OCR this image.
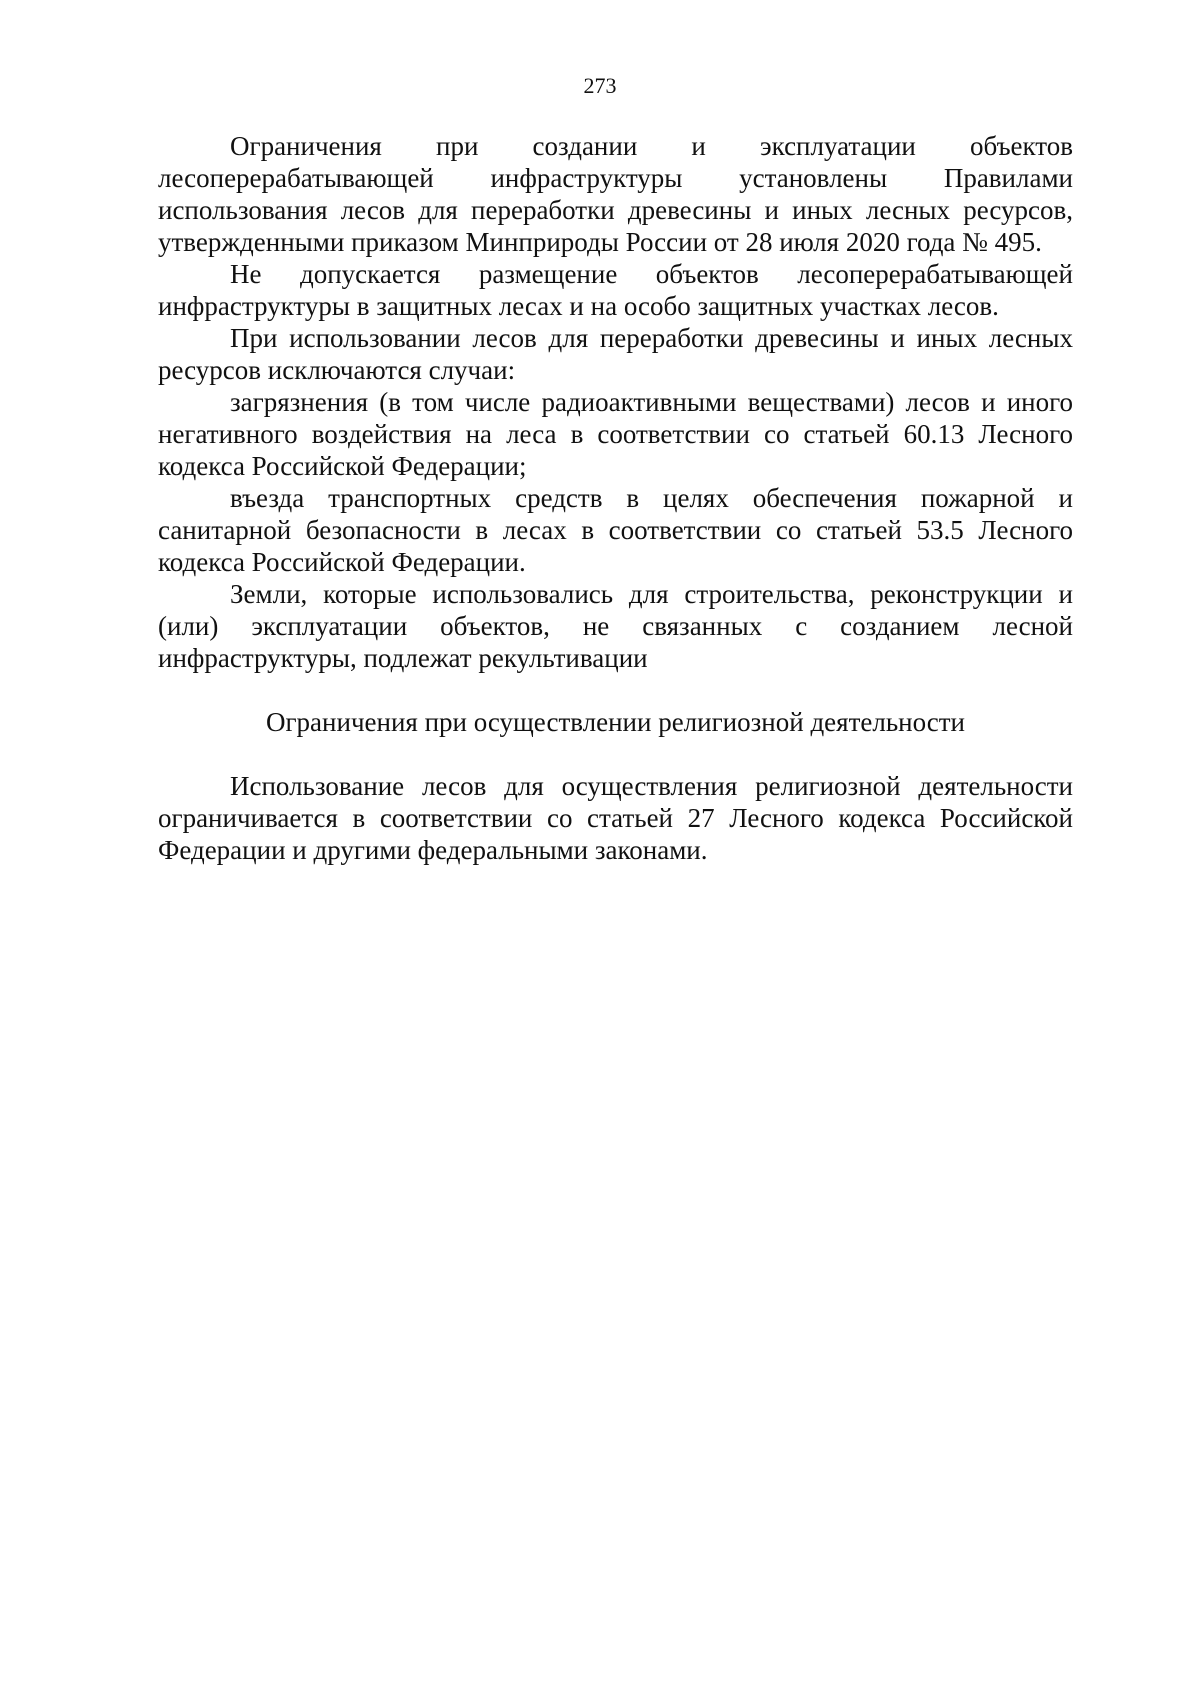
273

Ограничения при создании и эксплуатации объектов лесоперерабатывающей инфраструктуры установлены Правилами использования лесов для переработки древесины и иных лесных ресурсов, утвержденными приказом Минприроды России от 28 июля 2020 года № 495.

Не допускается размещение объектов лесоперерабатывающей инфраструктуры в защитных лесах и на особо защитных участках лесов.

При использовании лесов для переработки древесины и иных лесных ресурсов исключаются случаи:

загрязнения (в том числе радиоактивными веществами) лесов и иного негативного воздействия на леса в соответствии со статьей 60.13 Лесного кодекса Российской Федерации;

въезда транспортных средств в целях обеспечения пожарной и санитарной безопасности в лесах в соответствии со статьей 53.5 Лесного кодекса Российской Федерации.

Земли, которые использовались для строительства, реконструкции и (или) эксплуатации объектов, не связанных с созданием лесной инфраструктуры, подлежат рекультивации

Ограничения при осуществлении религиозной деятельности

Использование лесов для осуществления религиозной деятельности ограничивается в соответствии со статьей 27 Лесного кодекса Российской Федерации и другими федеральными законами.
